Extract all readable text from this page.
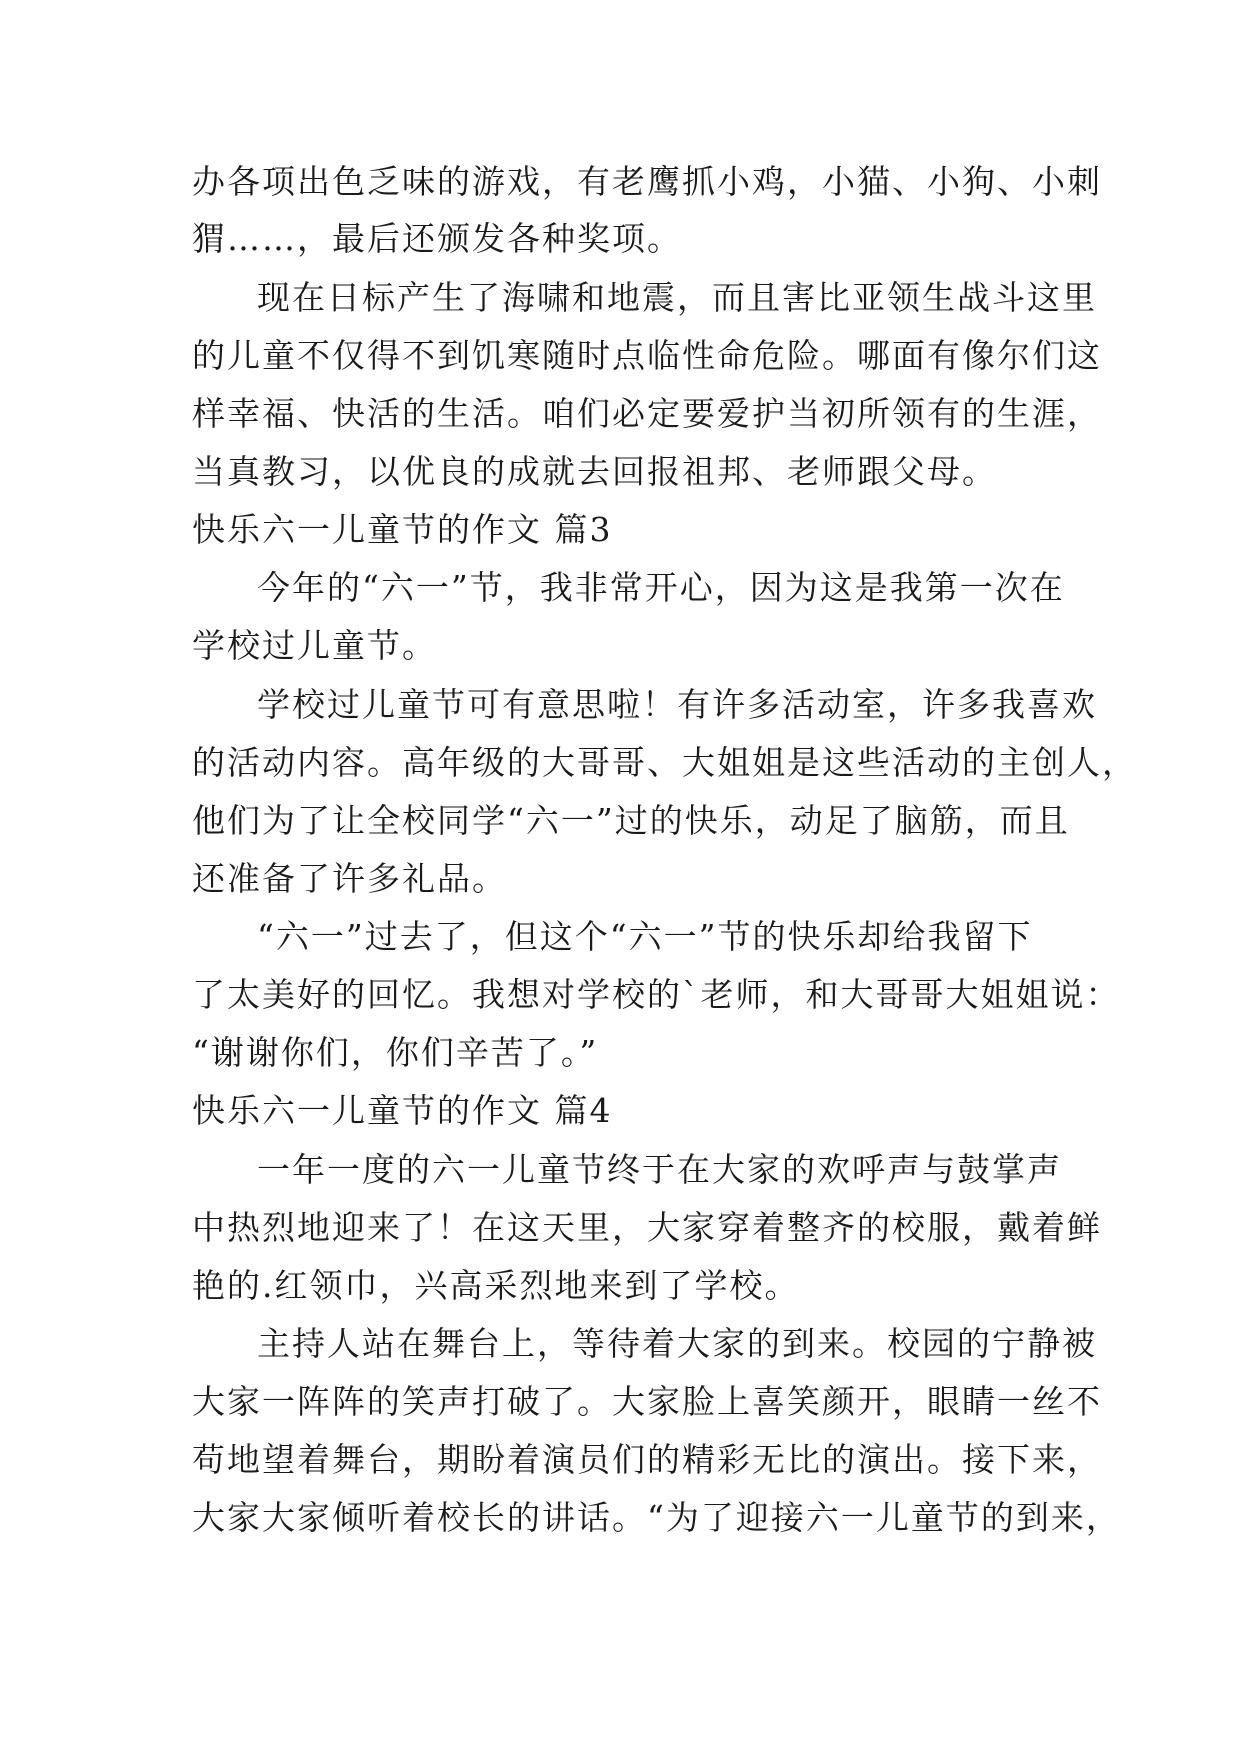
办各项出色乏味的游戏，有老鹰抓小鸡，小猫、小狗、小刺
猬……，最后还颁发各种奖项。
现在日标产生了海啸和地震，而且害比亚领生战斗这里
的儿童不仅得不到饥寒随时点临性命危险。哪面有像尔们这
样幸福、快活的生活。咱们必定要爱护当初所领有的生涯，
当真教习，以优良的成就去回报祖邦、老师跟父母。
快乐六一儿童节的作文 篇3
今年的“六一”节，我非常开心，因为这是我第一次在
学校过儿童节。
学校过儿童节可有意思啦！有许多活动室，许多我喜欢
的活动内容。高年级的大哥哥、大姐姐是这些活动的主创人，
他们为了让全校同学“六一”过的快乐，动足了脑筋，而且
还准备了许多礼品。
“六一”过去了，但这个“六一”节的快乐却给我留下
了太美好的回忆。我想对学校的`老师，和大哥哥大姐姐说：
“谢谢你们，你们辛苦了。”
快乐六一儿童节的作文 篇4
一年一度的六一儿童节终于在大家的欢呼声与鼓掌声
中热烈地迎来了！在这天里，大家穿着整齐的校服，戴着鲜
艳的.红领巾，兴高采烈地来到了学校。
主持人站在舞台上，等待着大家的到来。校园的宁静被
大家一阵阵的笑声打破了。大家脸上喜笑颜开，眼睛一丝不
苟地望着舞台，期盼着演员们的精彩无比的演出。接下来，
大家大家倾听着校长的讲话。“为了迎接六一儿童节的到来，
